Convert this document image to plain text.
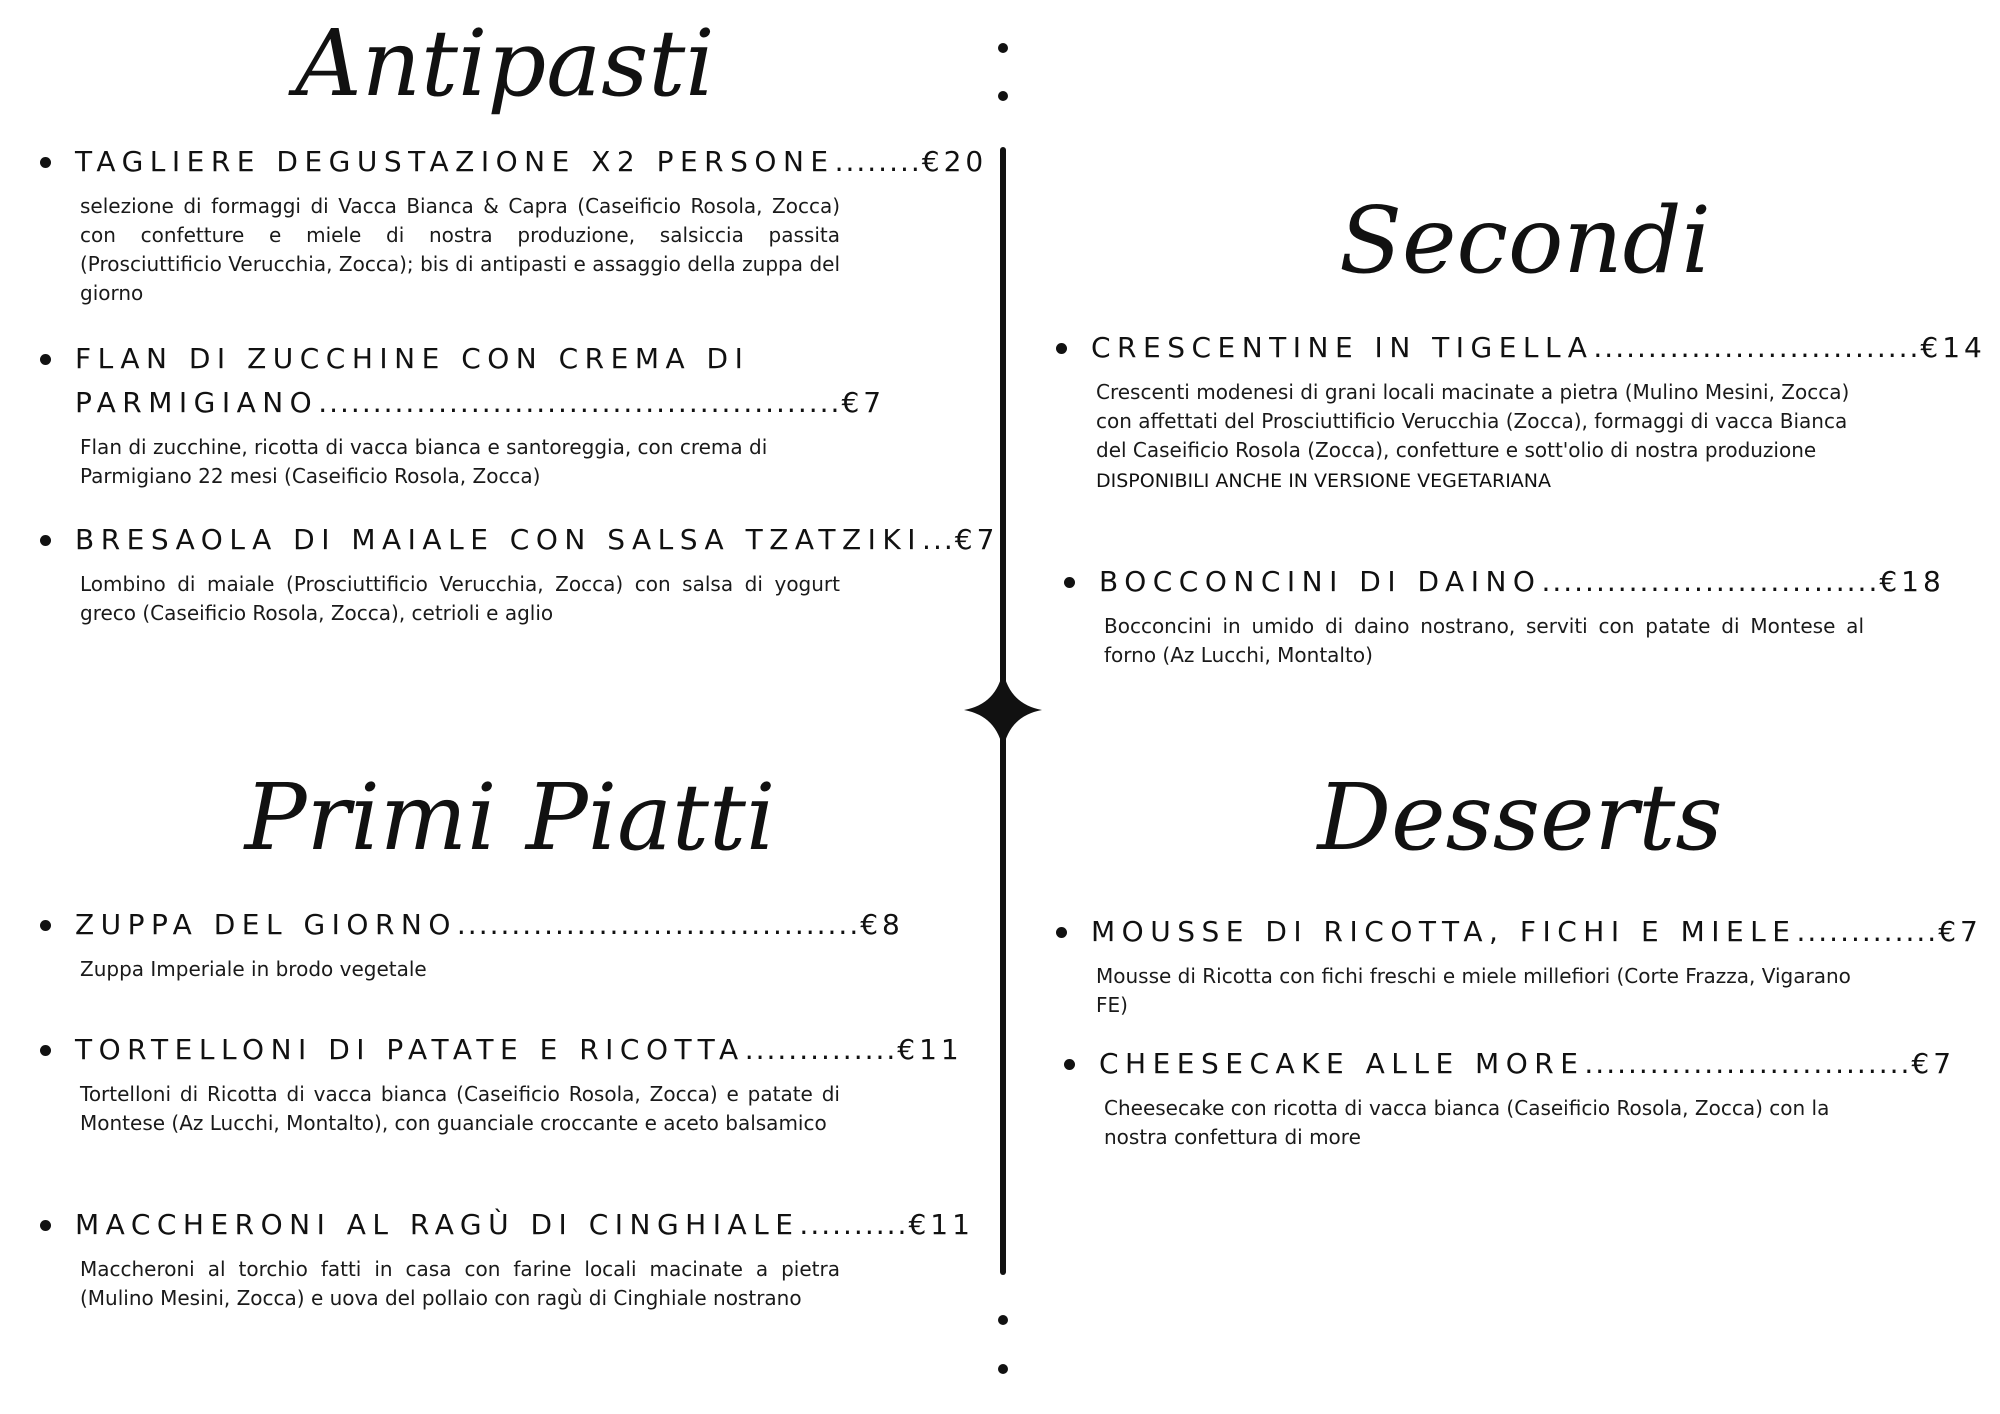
Antipasti
TAGLIERE DEGUSTAZIONE X2 PERSONE........€20
selezione di formaggi di Vacca Bianca & Capra (Caseificio Rosola, Zocca) con confetture e miele di nostra produzione, salsiccia passita (Prosciuttificio Verucchia, Zocca); bis di antipasti e assaggio della zuppa del giorno
FLAN DI ZUCCHINE CON CREMA DI PARMIGIANO................................................€7
Flan di zucchine, ricotta di vacca bianca e santoreggia, con crema di Parmigiano 22 mesi (Caseificio Rosola, Zocca)
BRESAOLA DI MAIALE CON SALSA TZATZIKI...€7
Lombino di maiale (Prosciuttificio Verucchia, Zocca) con salsa di yogurt greco (Caseificio Rosola, Zocca), cetrioli e aglio
Primi Piatti
ZUPPA DEL GIORNO.....................................€8
Zuppa Imperiale in brodo vegetale
TORTELLONI DI PATATE E RICOTTA..............€11
Tortelloni di Ricotta di vacca bianca (Caseificio Rosola, Zocca) e patate di Montese (Az Lucchi, Montalto), con guanciale croccante e aceto balsamico
MACCHERONI AL RAGÙ DI CINGHIALE..........€11
Maccheroni al torchio fatti in casa con farine locali macinate a pietra (Mulino Mesini, Zocca) e uova del pollaio con ragù di Cinghiale nostrano
Secondi
CRESCENTINE IN TIGELLA..............................€14
Crescenti modenesi di grani locali macinate a pietra (Mulino Mesini, Zocca) con affettati del Prosciuttificio Verucchia (Zocca), formaggi di vacca Bianca del Caseificio Rosola (Zocca), confetture e sott'olio di nostra produzione
DISPONIBILI ANCHE IN VERSIONE VEGETARIANA
BOCCONCINI DI DAINO...............................€18
Bocconcini in umido di daino nostrano, serviti con patate di Montese al forno (Az Lucchi, Montalto)
Desserts
MOUSSE DI RICOTTA, FICHI E MIELE.............€7
Mousse di Ricotta con fichi freschi e miele millefiori (Corte Frazza, Vigarano FE)
CHEESECAKE ALLE MORE..............................€7
Cheesecake con ricotta di vacca bianca (Caseificio Rosola, Zocca) con la nostra confettura di more
